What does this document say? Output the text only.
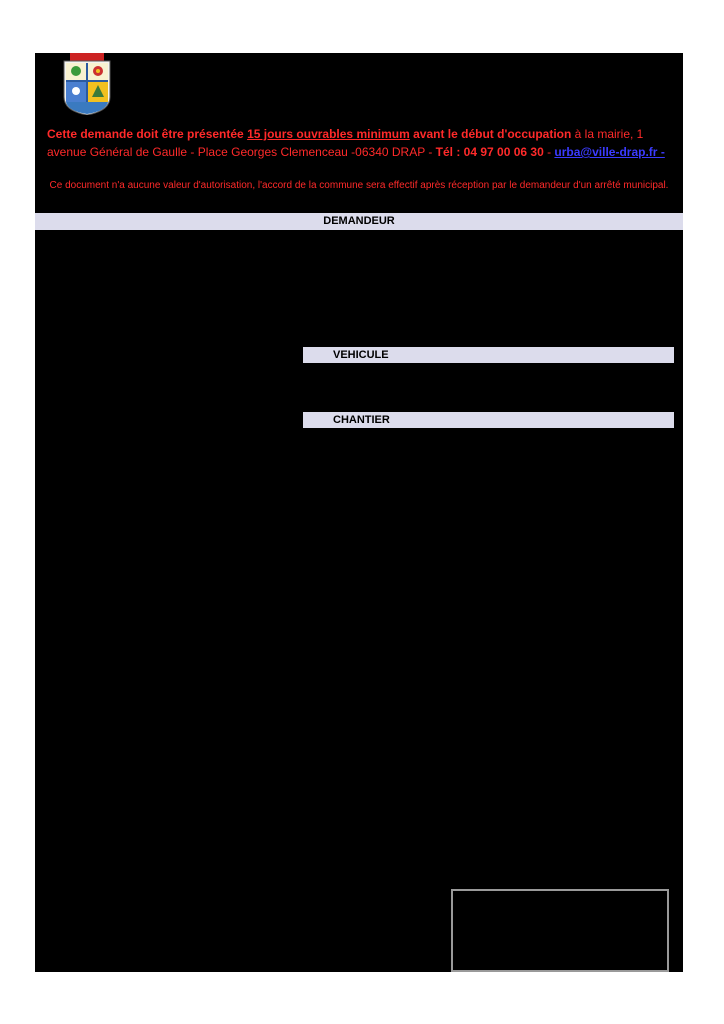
Cette demande doit être présentée 15 jours ouvrables minimum avant le début d'occupation à la mairie, 1 avenue Général de Gaulle - Place Georges Clemenceau -06340 DRAP - Tél : 04 97 00 06 30 - urba@ville-drap.fr -
Ce document n'a aucune valeur d'autorisation, l'accord de la commune sera effectif après réception par le demandeur d'un arrêté municipal.
DEMANDEUR
VEHICULE
CHANTIER
